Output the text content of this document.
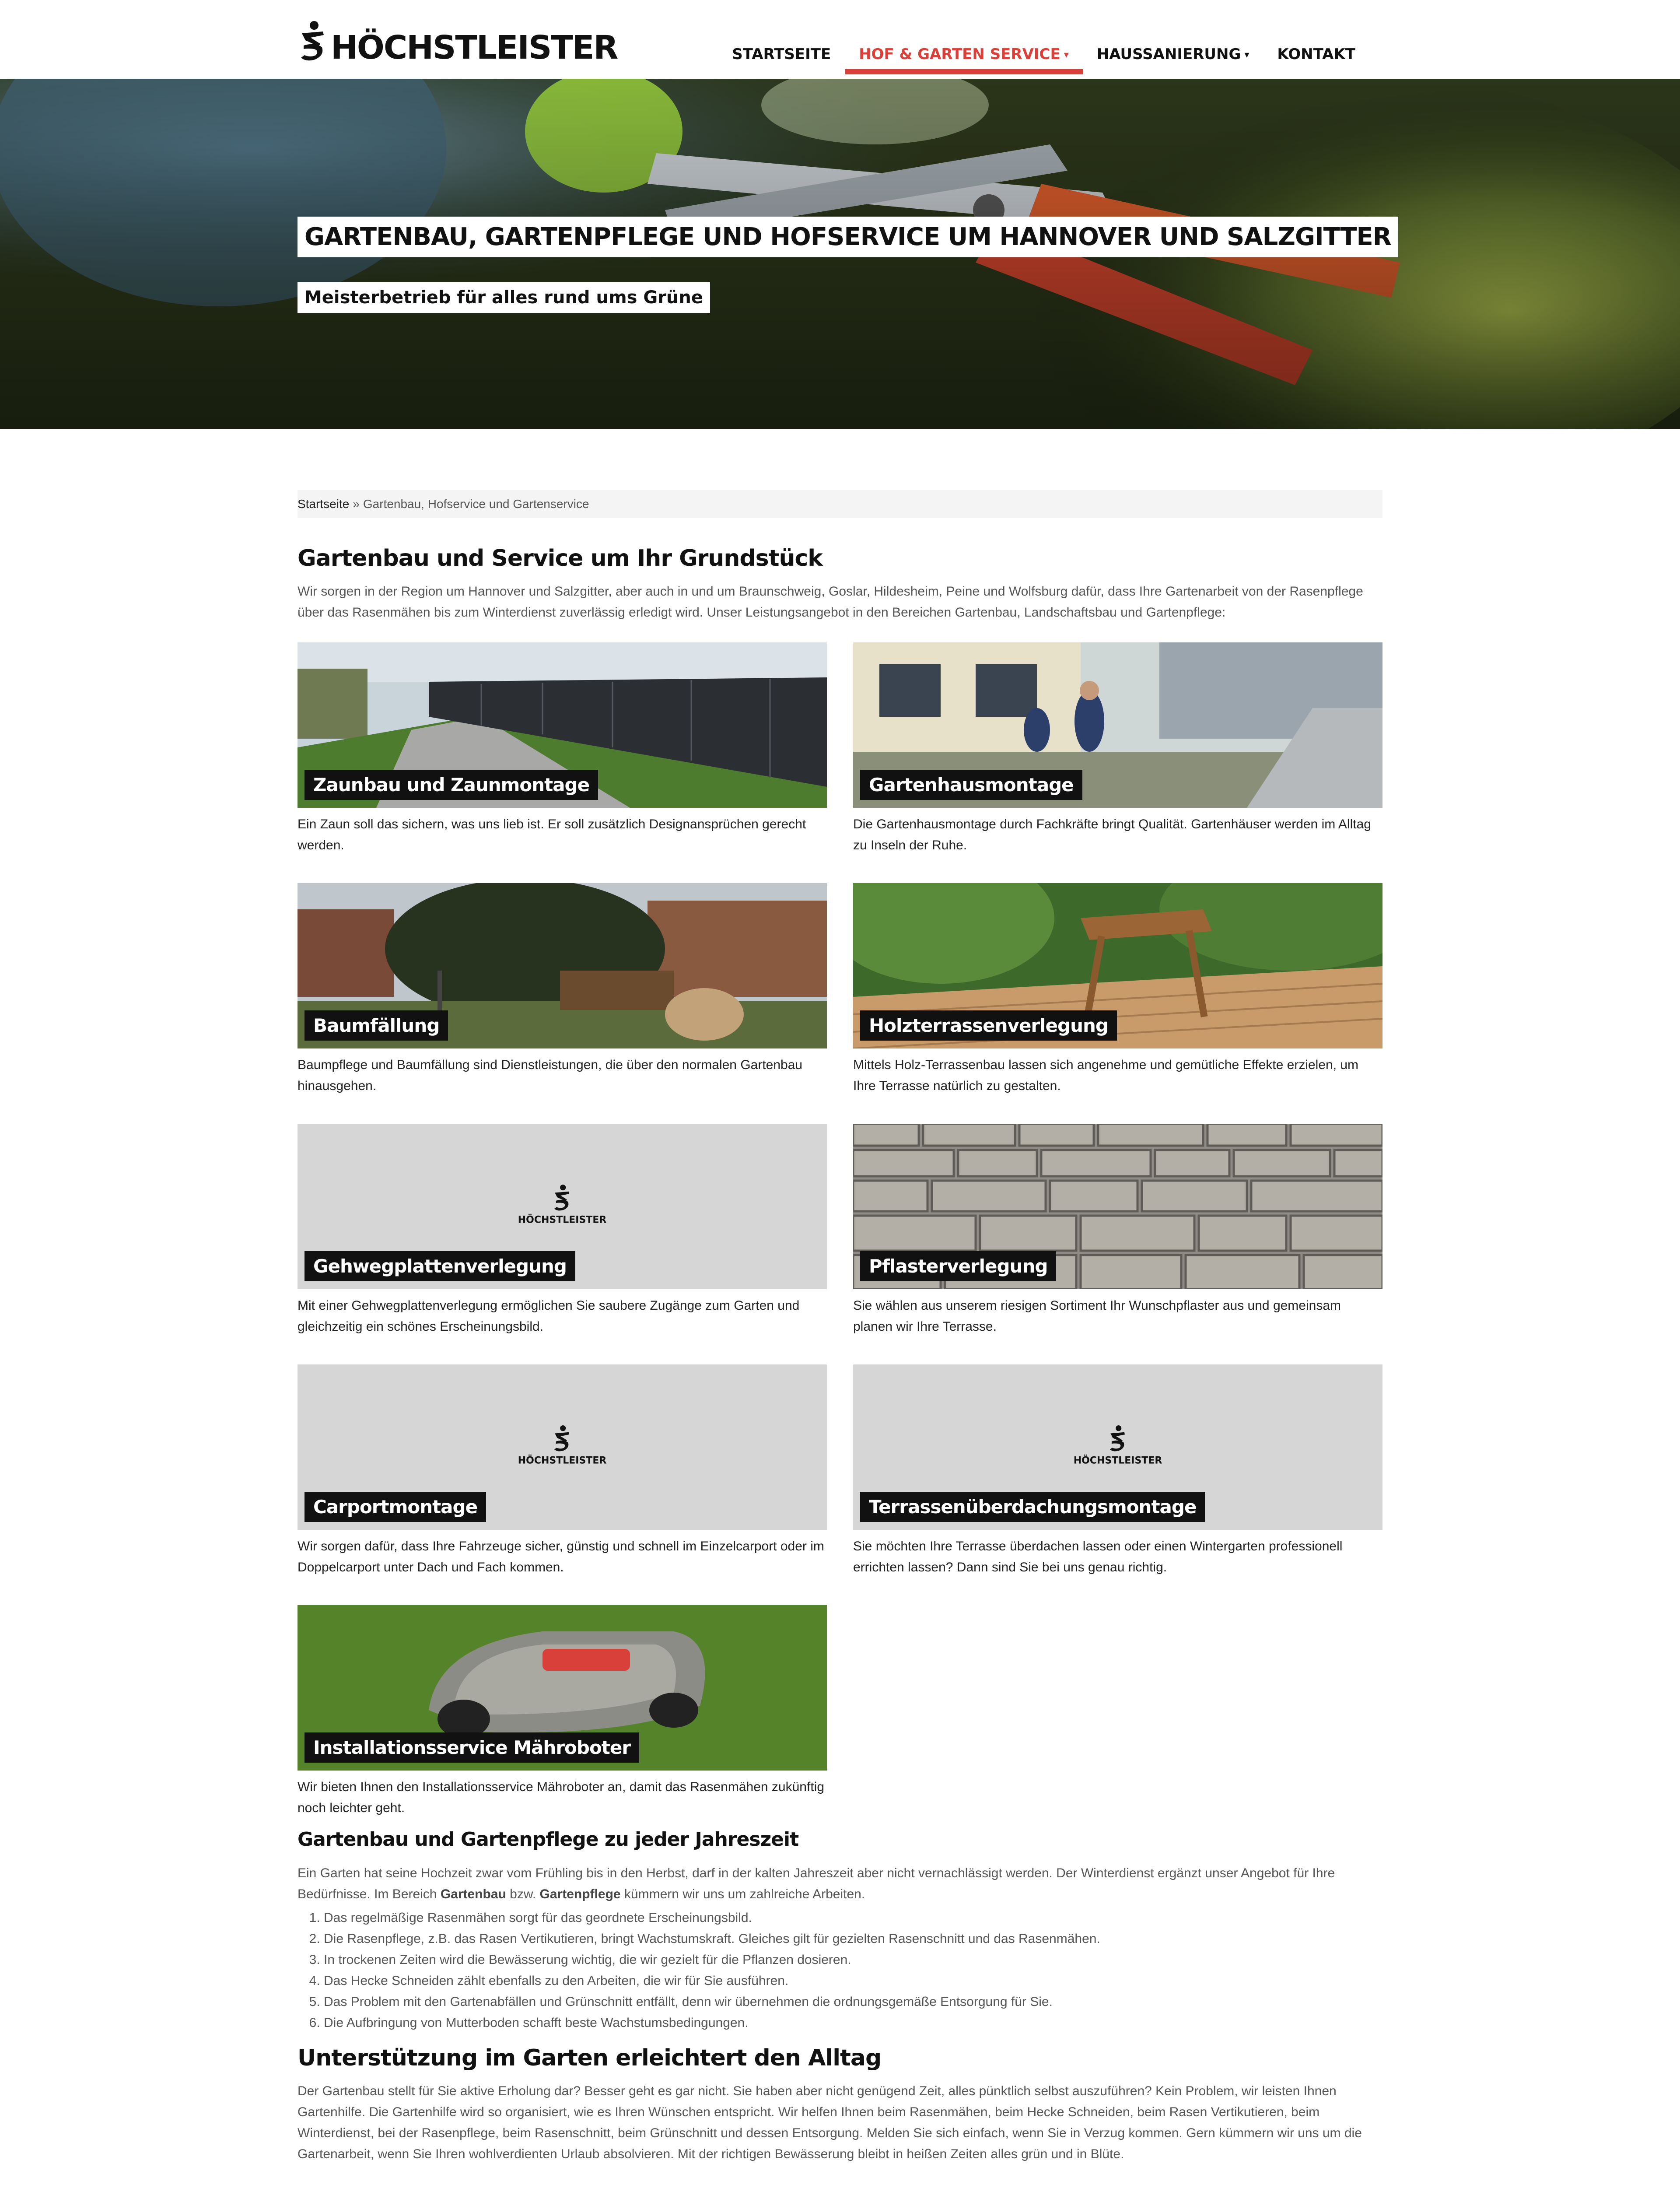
HÖCHSTLEISTER	STARTSEITE	HOF & GARTEN SERVICE ▾	HAUSSANIERUNG ▾	KONTAKT
GARTENBAU, GARTENPFLEGE UND HOFSERVICE UM HANNOVER UND SALZGITTER
Meisterbetrieb für alles rund ums Grüne
Startseite » Gartenbau, Hofservice und Gartenservice
Gartenbau und Service um Ihr Grundstück

Wir sorgen in der Region um Hannover und Salzgitter, aber auch in und um Braunschweig, Goslar, Hildesheim, Peine und Wolfsburg dafür, dass Ihre Gartenarbeit von der Rasenpflege über das Rasenmähen bis zum Winterdienst zuverlässig erledigt wird. Unser Leistungsangebot in den Bereichen Gartenbau, Landschaftsbau und Gartenpflege:

Zaunbau und Zaunmontage

Ein Zaun soll das sichern, was uns lieb ist. Er soll zusätzlich Designansprüchen gerecht werden.

Gartenhausmontage

Die Gartenhausmontage durch Fachkräfte bringt Qualität. Gartenhäuser werden im Alltag zu Inseln der Ruhe.

Baumfällung

Baumpflege und Baumfällung sind Dienstleistungen, die über den normalen Gartenbau hinausgehen.

Holzterrassenverlegung

Mittels Holz-Terrassenbau lassen sich angenehme und gemütliche Effekte erzielen, um Ihre Terrasse natürlich zu gestalten.

HÖCHSTLEISTER
Gehwegplattenverlegung

Mit einer Gehwegplattenverlegung ermöglichen Sie saubere Zugänge zum Garten und gleichzeitig ein schönes Erscheinungsbild.

Pflasterverlegung

Sie wählen aus unserem riesigen Sortiment Ihr Wunschpflaster aus und gemeinsam planen wir Ihre Terrasse.

HÖCHSTLEISTER
Carportmontage

Wir sorgen dafür, dass Ihre Fahrzeuge sicher, günstig und schnell im Einzelcarport oder im Doppelcarport unter Dach und Fach kommen.

HÖCHSTLEISTER
Terrassenüberdachungsmontage

Sie möchten Ihre Terrasse überdachen lassen oder einen Wintergarten professionell errichten lassen? Dann sind Sie bei uns genau richtig.

Installationsservice Mähroboter

Wir bieten Ihnen den Installationsservice Mähroboter an, damit das Rasenmähen zukünftig noch leichter geht.

Gartenbau und Gartenpflege zu jeder Jahreszeit

Ein Garten hat seine Hochzeit zwar vom Frühling bis in den Herbst, darf in der kalten Jahreszeit aber nicht vernachlässigt werden. Der Winterdienst ergänzt unser Angebot für Ihre Bedürfnisse. Im Bereich Gartenbau bzw. Gartenpflege kümmern wir uns um zahlreiche Arbeiten.

1. Das regelmäßige Rasenmähen sorgt für das geordnete Erscheinungsbild.
2. Die Rasenpflege, z.B. das Rasen Vertikutieren, bringt Wachstumskraft. Gleiches gilt für gezielten Rasenschnitt und das Rasenmähen.
3. In trockenen Zeiten wird die Bewässerung wichtig, die wir gezielt für die Pflanzen dosieren.
4. Das Hecke Schneiden zählt ebenfalls zu den Arbeiten, die wir für Sie ausführen.
5. Das Problem mit den Gartenabfällen und Grünschnitt entfällt, denn wir übernehmen die ordnungsgemäße Entsorgung für Sie.
6. Die Aufbringung von Mutterboden schafft beste Wachstumsbedingungen.
Unterstützung im Garten erleichtert den Alltag

Der Gartenbau stellt für Sie aktive Erholung dar? Besser geht es gar nicht. Sie haben aber nicht genügend Zeit, alles pünktlich selbst auszuführen? Kein Problem, wir leisten Ihnen Gartenhilfe. Die Gartenhilfe wird so organisiert, wie es Ihren Wünschen entspricht. Wir helfen Ihnen beim Rasenmähen, beim Hecke Schneiden, beim Rasen Vertikutieren, beim Winterdienst, bei der Rasenpflege, beim Rasenschnitt, beim Grünschnitt und dessen Entsorgung. Melden Sie sich einfach, wenn Sie in Verzug kommen. Gern kümmern wir uns um die Gartenarbeit, wenn Sie Ihren wohlverdienten Urlaub absolvieren. Mit der richtigen Bewässerung bleibt in heißen Zeiten alles grün und in Blüte.
